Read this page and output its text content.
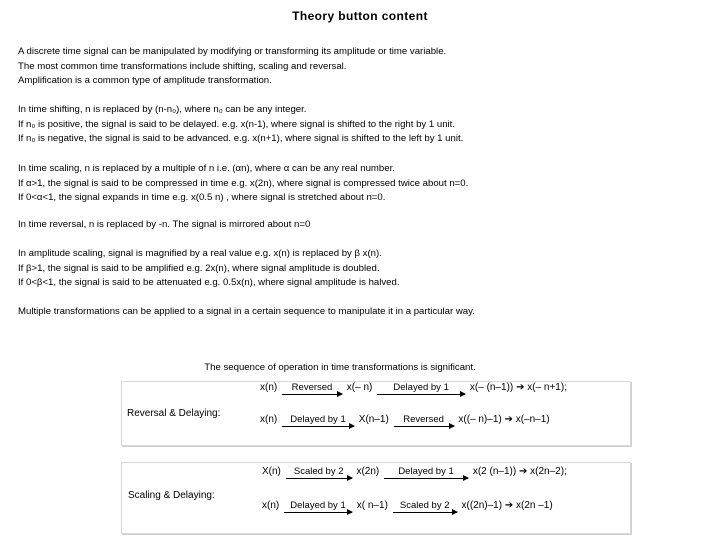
Theory button content
A discrete time signal can be manipulated by modifying or transforming its amplitude or time variable.
The most common time transformations include shifting, scaling and reversal.
Amplification is a common type of amplitude transformation.
In time shifting, n is replaced by (n-n₀), where n₀ can be any integer.
If n₀ is positive, the signal is said to be delayed. e.g. x(n-1), where signal is shifted to the right by 1 unit.
If n₀ is negative, the signal is said to be advanced. e.g. x(n+1), where signal is shifted to the left by 1 unit.
In time scaling, n is replaced by a multiple of n i.e. (αn), where α can be any real number.
If α>1, the signal is said to be compressed in time e.g. x(2n), where signal is compressed twice about n=0.
If 0<α<1, the signal expands in time e.g. x(0.5 n) , where signal is stretched about n=0.
In time reversal, n is replaced by -n. The signal is mirrored about n=0
In amplitude scaling, signal is magnified by a real value e.g. x(n) is replaced by β x(n).
If β>1, the signal is said to be amplified e.g. 2x(n), where signal amplitude is doubled.
If 0<β<1, the signal is said to be attenuated e.g. 0.5x(n), where signal amplitude is halved.
Multiple transformations can be applied to a signal in a certain sequence to manipulate it in a particular way.
The sequence of operation in time transformations is significant.
Reversal & Delaying:
x(n)	Reversed	x(– n)	Delayed by 1	x(– (n–1)) ➔ x(– n+1);
x(n)	Delayed by 1	X(n–1)	Reversed	x((– n)–1) ➔ x(–n–1)
Scaling & Delaying:
X(n)	Scaled by 2	x(2n)	Delayed by 1	x(2 (n–1)) ➔ x(2n–2);
x(n)	Delayed by 1	x( n–1)	Scaled by 2	x((2n)–1) ➔ x(2n –1)
